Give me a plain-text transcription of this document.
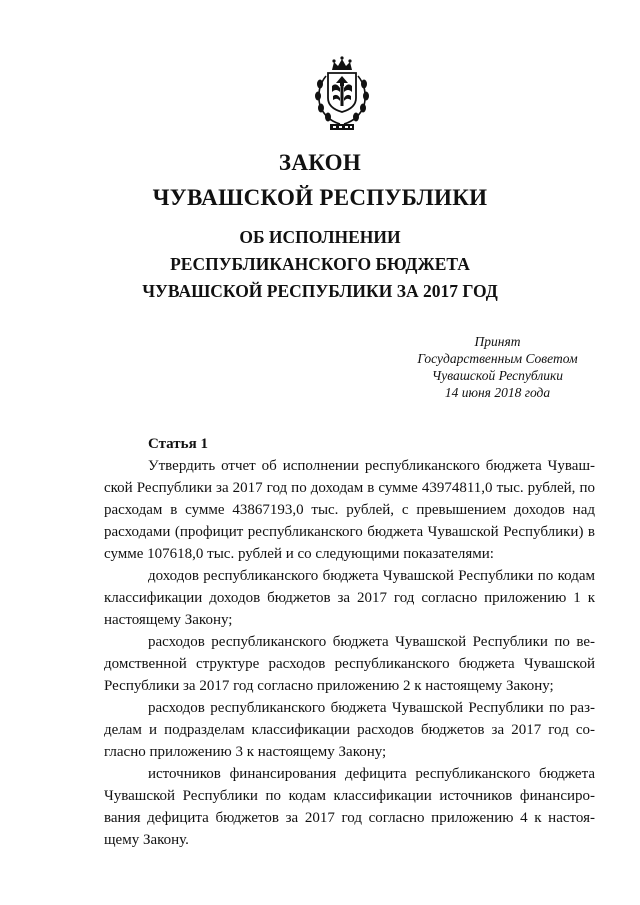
ЗАКОН
ЧУВАШСКОЙ РЕСПУБЛИКИ
ОБ ИСПОЛНЕНИИ
РЕСПУБЛИКАНСКОГО БЮДЖЕТА
ЧУВАШСКОЙ РЕСПУБЛИКИ ЗА 2017 ГОД
Принят
Государственным Советом
Чувашской Республики
14 июня 2018 года
Статья 1

Утвердить отчет об исполнении республиканского бюджета Чувашской Республики за 2017 год по доходам в сумме 43974811,0 тыс. рублей, по расходам в сумме 43867193,0 тыс. рублей, с превышением доходов над расходами (профицит республиканского бюджета Чувашской Республики) в сумме 107618,0 тыс. рублей и со следующими показателями:

доходов республиканского бюджета Чувашской Республики по кодам классификации доходов бюджетов за 2017 год согласно приложению 1 к настоящему Закону;

расходов республиканского бюджета Чувашской Республики по ведомственной структуре расходов республиканского бюджета Чувашской Республики за 2017 год согласно приложению 2 к настоящему Закону;

расходов республиканского бюджета Чувашской Республики по разделам и подразделам классификации расходов бюджетов за 2017 год согласно приложению 3 к настоящему Закону;

источников финансирования дефицита республиканского бюджета Чувашской Республики по кодам классификации источников финансирования дефицита бюджетов за 2017 год согласно приложению 4 к настоящему Закону.
